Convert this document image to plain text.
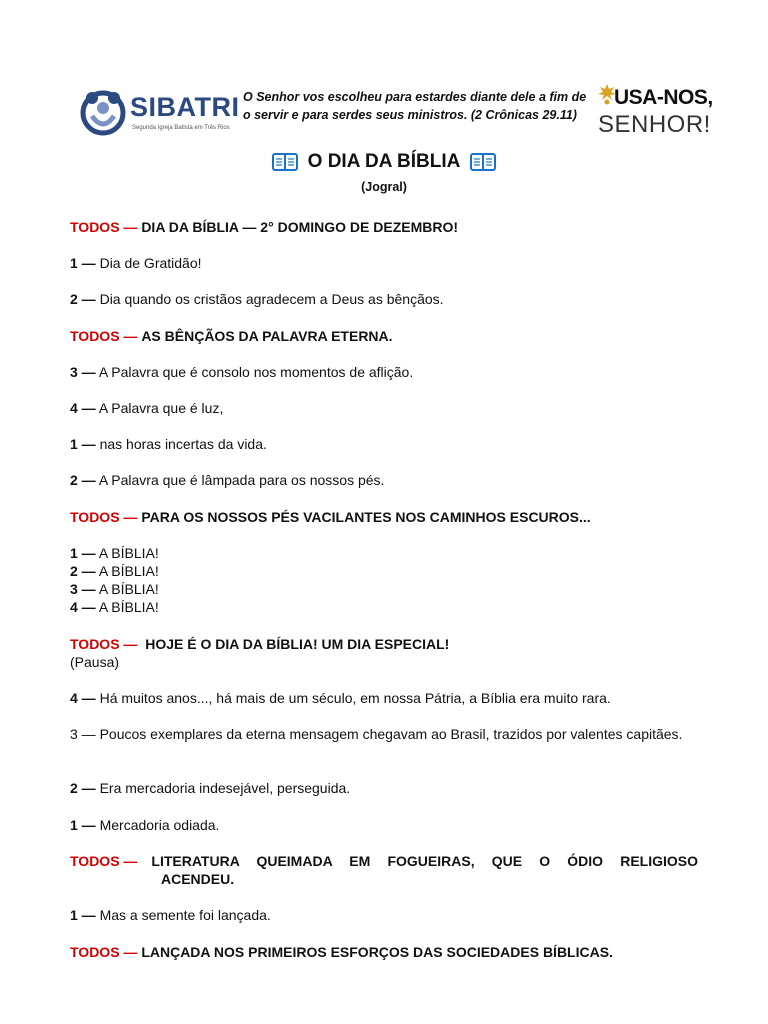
SIBATRI
Segunda Igreja Batista em Três Rios
O Senhor vos escolheu para estardes diante dele a fim de o servir e para serdes seus ministros. (2 Crônicas 29.11)
USA-NOS,
SENHOR!
O DIA DA BÍBLIA
(Jogral)
TODOS — DIA DA BÍBLIA — 2° DOMINGO DE DEZEMBRO!
1 — Dia de Gratidão!
2 — Dia quando os cristãos agradecem a Deus as bênçãos.
TODOS — AS BÊNÇÃOS DA PALAVRA ETERNA.
3 — A Palavra que é consolo nos momentos de aflição.
4 — A Palavra que é luz,
1 — nas horas incertas da vida.
2 — A Palavra que é lâmpada para os nossos pés.
TODOS — PARA OS NOSSOS PÉS VACILANTES NOS CAMINHOS ESCUROS...
1 — A BÍBLIA!
2 — A BÍBLIA!
3 — A BÍBLIA!
4 — A BÍBLIA!
TODOS — HOJE É O DIA DA BÍBLIA! UM DIA ESPECIAL!
(Pausa)
4 — Há muitos anos..., há mais de um século, em nossa Pátria, a Bíblia era muito rara.
3 — Poucos exemplares da eterna mensagem chegavam ao Brasil, trazidos por valentes capitães.
2 — Era mercadoria indesejável, perseguida.
1 — Mercadoria odiada.
TODOS — LITERATURA QUEIMADA EM FOGUEIRAS, QUE O ÓDIO RELIGIOSO
ACENDEU.
1 — Mas a semente foi lançada.
TODOS — LANÇADA NOS PRIMEIROS ESFORÇOS DAS SOCIEDADES BÍBLICAS.
